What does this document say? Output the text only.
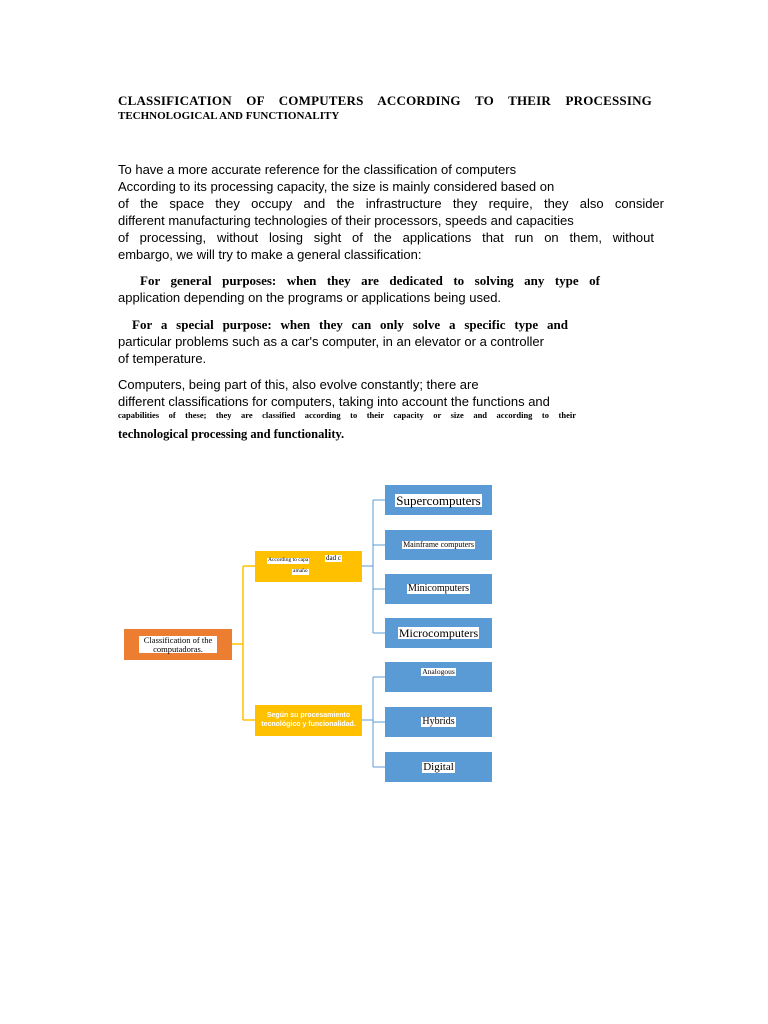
CLASSIFICATION OF COMPUTERS ACCORDING TO THEIR PROCESSING
TECHNOLOGICAL AND FUNCTIONALITY
To have a more accurate reference for the classification of computers
According to its processing capacity, the size is mainly considered based on
of the space they occupy and the infrastructure they require, they also consider
different manufacturing technologies of their processors, speeds and capacities
of processing, without losing sight of the applications that run on them, without
embargo, we will try to make a general classification:
For general purposes: when they are dedicated to solving any type of
application depending on the programs or applications being used.
For a special purpose: when they can only solve a specific type and
particular problems such as a car's computer, in an elevator or a controller
of temperature.
Computers, being part of this, also evolve constantly; there are
different classifications for computers, taking into account the functions and
capabilities of these; they are classified according to their capacity or size and according to their
technological processing and functionality.
Classification of the computadoras.
According to capa	dad c
amaño
Según su procesamiento tecnológico y funcionalidad.
Supercomputers
Mainframe computers
Minicomputers
Microcomputers
Analogous
Hybrids
Digital
